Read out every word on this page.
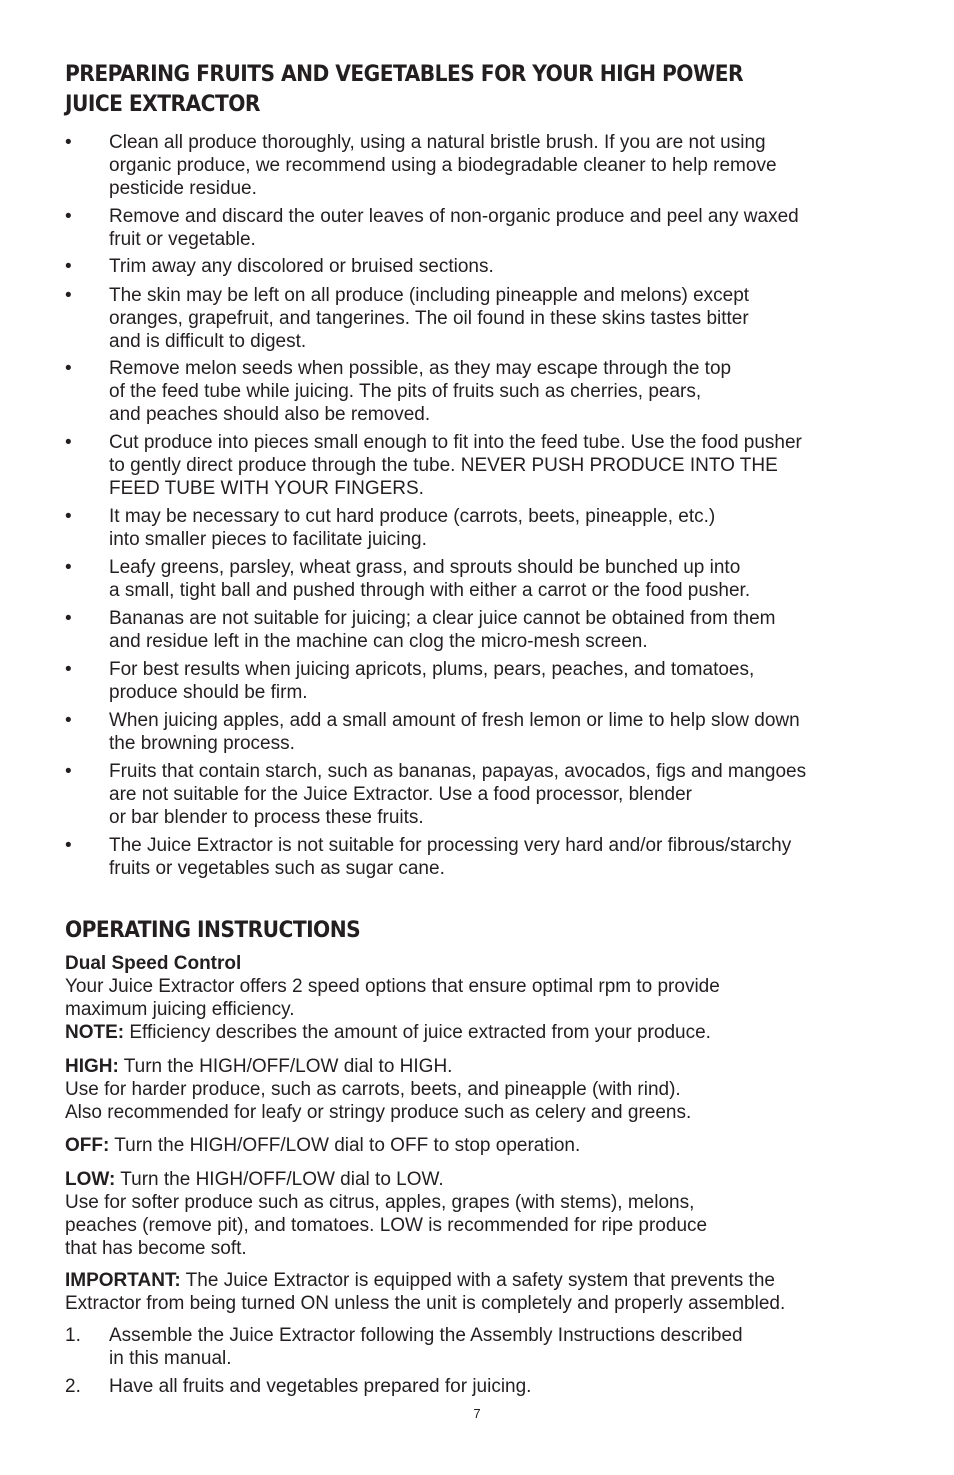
PREPARING FRUITS AND VEGETABLES FOR YOUR HIGH POWER
JUICE EXTRACTOR
• Clean all produce thoroughly, using a natural bristle brush. If you are not using
organic produce, we recommend using a biodegradable cleaner to help remove
pesticide residue.
• Remove and discard the outer leaves of non-organic produce and peel any waxed
fruit or vegetable.
• Trim away any discolored or bruised sections.
• The skin may be left on all produce (including pineapple and melons) except
oranges, grapefruit, and tangerines. The oil found in these skins tastes bitter
and is difficult to digest.
• Remove melon seeds when possible, as they may escape through the top
of the feed tube while juicing. The pits of fruits such as cherries, pears,
and peaches should also be removed.
• Cut produce into pieces small enough to fit into the feed tube. Use the food pusher
to gently direct produce through the tube. NEVER PUSH PRODUCE INTO THE
FEED TUBE WITH YOUR FINGERS.
• It may be necessary to cut hard produce (carrots, beets, pineapple, etc.)
into smaller pieces to facilitate juicing.
• Leafy greens, parsley, wheat grass, and sprouts should be bunched up into
a small, tight ball and pushed through with either a carrot or the food pusher.
• Bananas are not suitable for juicing; a clear juice cannot be obtained from them
and residue left in the machine can clog the micro-mesh screen.
• For best results when juicing apricots, plums, pears, peaches, and tomatoes,
produce should be firm.
• When juicing apples, add a small amount of fresh lemon or lime to help slow down
the browning process.
• Fruits that contain starch, such as bananas, papayas, avocados, figs and mangoes
are not suitable for the Juice Extractor. Use a food processor, blender
or bar blender to process these fruits.
• The Juice Extractor is not suitable for processing very hard and/or fibrous/starchy
fruits or vegetables such as sugar cane.
OPERATING INSTRUCTIONS
Dual Speed Control
Your Juice Extractor offers 2 speed options that ensure optimal rpm to provide
maximum juicing efficiency.
NOTE: Efficiency describes the amount of juice extracted from your produce.
HIGH: Turn the HIGH/OFF/LOW dial to HIGH.
Use for harder produce, such as carrots, beets, and pineapple (with rind).
Also recommended for leafy or stringy produce such as celery and greens.
OFF: Turn the HIGH/OFF/LOW dial to OFF to stop operation.
LOW: Turn the HIGH/OFF/LOW dial to LOW.
Use for softer produce such as citrus, apples, grapes (with stems), melons,
peaches (remove pit), and tomatoes. LOW is recommended for ripe produce
that has become soft.
IMPORTANT: The Juice Extractor is equipped with a safety system that prevents the
Extractor from being turned ON unless the unit is completely and properly assembled.
1. Assemble the Juice Extractor following the Assembly Instructions described
in this manual.
2. Have all fruits and vegetables prepared for juicing.
7
